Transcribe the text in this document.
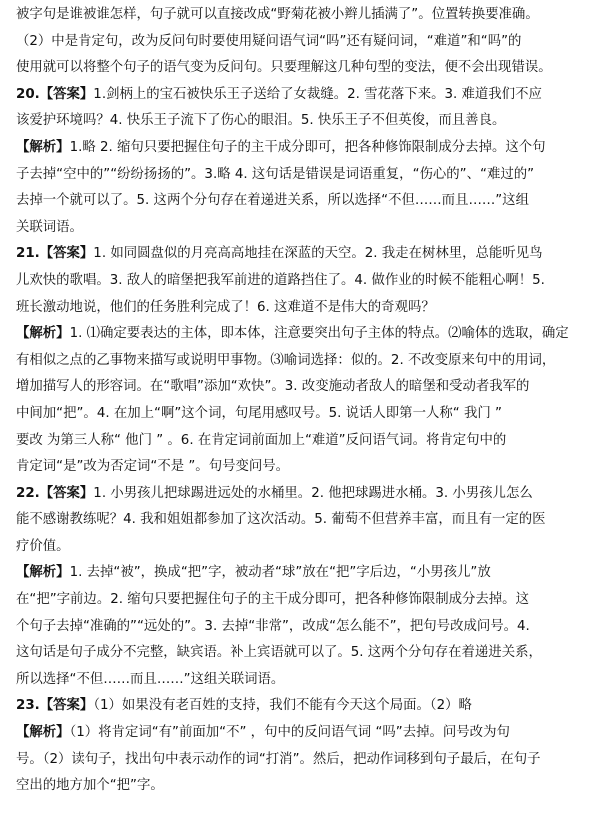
被字句是谁被谁怎样，句子就可以直接改成“野菊花被小辫儿插满了”。位置转换要准确。
（2）中是肯定句，改为反问句时要使用疑问语气词“吗”还有疑问词，“难道”和“吗”的
使用就可以将整个句子的语气变为反问句。只要理解这几种句型的变法，便不会出现错误。
20.【答案】1.剑柄上的宝石被快乐王子送给了女裁缝。2. 雪花落下来。3. 难道我们不应
该爱护环境吗？4. 快乐王子流下了伤心的眼泪。5. 快乐王子不但英俊，而且善良。
【解析】1.略 2. 缩句只要把握住句子的主干成分即可，把各种修饰限制成分去掉。这个句
子去掉“空中的”“纷纷扬扬的”。3.略 4. 这句话是错误是词语重复，“伤心的”、“难过的”
去掉一个就可以了。5. 这两个分句存在着递进关系，所以选择“不但……而且……”这组
关联词语。
21.【答案】1. 如同圆盘似的月亮高高地挂在深蓝的天空。2. 我走在树林里，总能听见鸟
儿欢快的歌唱。3. 敌人的暗堡把我军前进的道路挡住了。4. 做作业的时候不能粗心啊！5.
班长激动地说，他们的任务胜利完成了！6. 这难道不是伟大的奇观吗？
【解析】1. ⑴确定要表达的主体，即本体，注意要突出句子主体的特点。⑵喻体的选取，确定
有相似之点的乙事物来描写或说明甲事物。⑶喻词选择：似的。2. 不改变原来句中的用词，
增加描写人的形容词。在“歌唱”添加“欢快”。3. 改变施动者敌人的暗堡和受动者我军的
中间加“把”。4. 在加上“啊”这个词，句尾用感叹号。5. 说话人即第一人称“ 我门 ”
要改 为第三人称“ 他门 ” 。6. 在肯定词前面加上“难道”反问语气词。将肯定句中的
肯定词“是”改为否定词“不是 ”。句号变问号。
22.【答案】1. 小男孩儿把球踢进远处的水桶里。2. 他把球踢进水桶。3. 小男孩儿怎么
能不感谢教练呢？4. 我和姐姐都参加了这次活动。5. 葡萄不但营养丰富，而且有一定的医
疗价值。
【解析】1. 去掉“被”，换成“把”字，被动者“球”放在“把”字后边，“小男孩儿”放
在“把”字前边。2. 缩句只要把握住句子的主干成分即可，把各种修饰限制成分去掉。这
个句子去掉“准确的”“远处的”。3. 去掉“非常”，改成“怎么能不”，把句号改成问号。4.
这句话是句子成分不完整，缺宾语。补上宾语就可以了。5. 这两个分句存在着递进关系，
所以选择“不但……而且……”这组关联词语。
23.【答案】（1）如果没有老百姓的支持，我们不能有今天这个局面。（2）略
【解析】（1）将肯定词“有”前面加“不” ，句中的反问语气词 “吗”去掉。问号改为句
号。（2）读句子，找出句中表示动作的词“打消”。然后，把动作词移到句子最后，在句子
空出的地方加个“把”字。
